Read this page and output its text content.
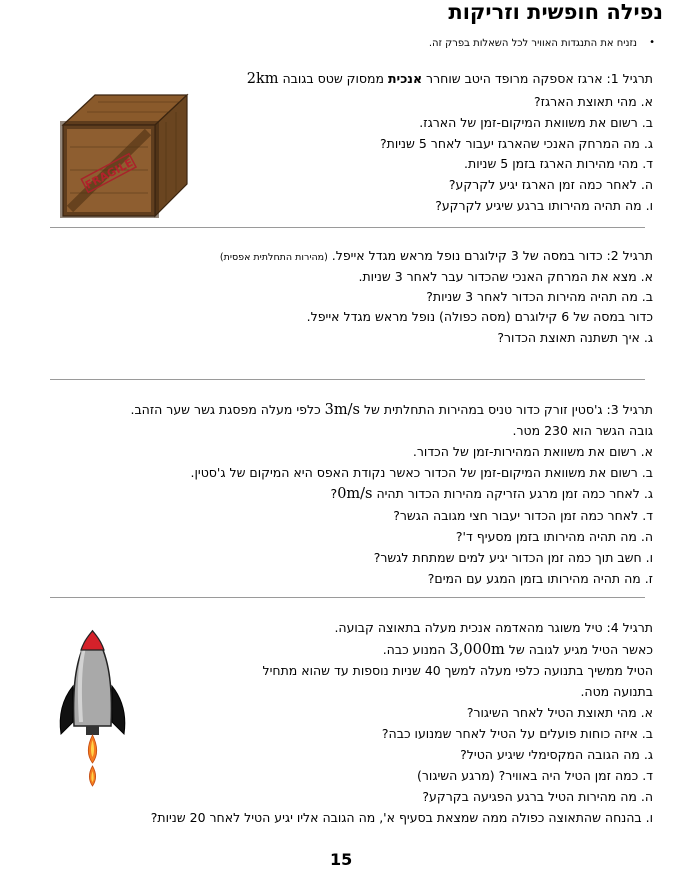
נפילה חופשית וזריקות
•
נזניח את התנגדות האוויר לכל השאלות בפרק זה.
תרגיל 1: ארגז אספקה מרופד היטב שוחרר אנכית ממסוק שטס בגובה 2km
א. מהי תאוצת הארגז?
ב. רשום את משוואת המיקום-זמן של הארגז.
ג. מה המרחק האנכי שהארגז יעבור לאחר 5 שניות?
ד. מהי מהירות הארגז בזמן 5 שניות.
ה. לאחר כמה זמן הארגז יגיע לקרקע?
ו. מה תהיה מהירותו ברגע שיגיע לקרקע?
FRAGILE
תרגיל 2: כדור במסה של 3 קילוגרם נופל מראש מגדל אייפל. (מהירות התחלתית אפסית)
א. מצא את המרחק האנכי שהכדור עבר לאחר 3 שניות.
ב. מה תהיה מהירות הכדור לאחר 3 שניות?
כדור במסה של 6 קילוגרם (מסה כפולה) נופל מראש מגדל אייפל.
ג. איך תשתנה תאוצת הכדור?
תרגיל 3: ג'סטין זורק כדור טניס במהירות התחלתית של 3m/s כלפי מעלה מפסגת גשר שער הזהב.
גובה הגשר הוא 230 מטר.
א. רשום את משוואת המהירות-זמן של הכדור.
ב. רשום את משוואת המיקום-זמן של הכדור כאשר נקודת האפס היא המיקום של ג'סטין.
ג. לאחר כמה זמן מרגע הזריקה מהירות הכדור תהיה 0m/s?
ד. לאחר כמה זמן הכדור יעבור חצי מגובה הגשר?
ה. מה תהיה מהירותו בזמן מסעיף ד'?
ו. חשב תוך כמה זמן הכדור יגיע למים שמתחת לגשר?
ז. מה תהיה מהירותו בזמן המגע עם המים?
תרגיל 4: טיל משוגר מהאדמה אנכית מעלה בתאוצה קבועה.
כאשר הטיל מגיע לגובה של 3,000m המנוע כבה.
הטיל ממשיך בתנועה כלפי מעלה למשך 40 שניות נוספות עד שהוא מתחיל
בתנועה מטה.
א. מהי תאוצת הטיל לאחר השיגור?
ב. איזה כוחות פועלים על הטיל לאחר שמנועו כבה?
ג. מה הגובה המקסימלי שיגיע הטיל?
ד. כמה זמן הטיל היה באוויר? (מרגע השיגור)
ה. מה מהירות הטיל ברגע הפגיעה בקרקע?
ו. בהנחה שהתאוצה כפולה ממה שמצאת בסעיף א', מה הגובה אליו יגיע הטיל לאחר 20 שניות?
15
